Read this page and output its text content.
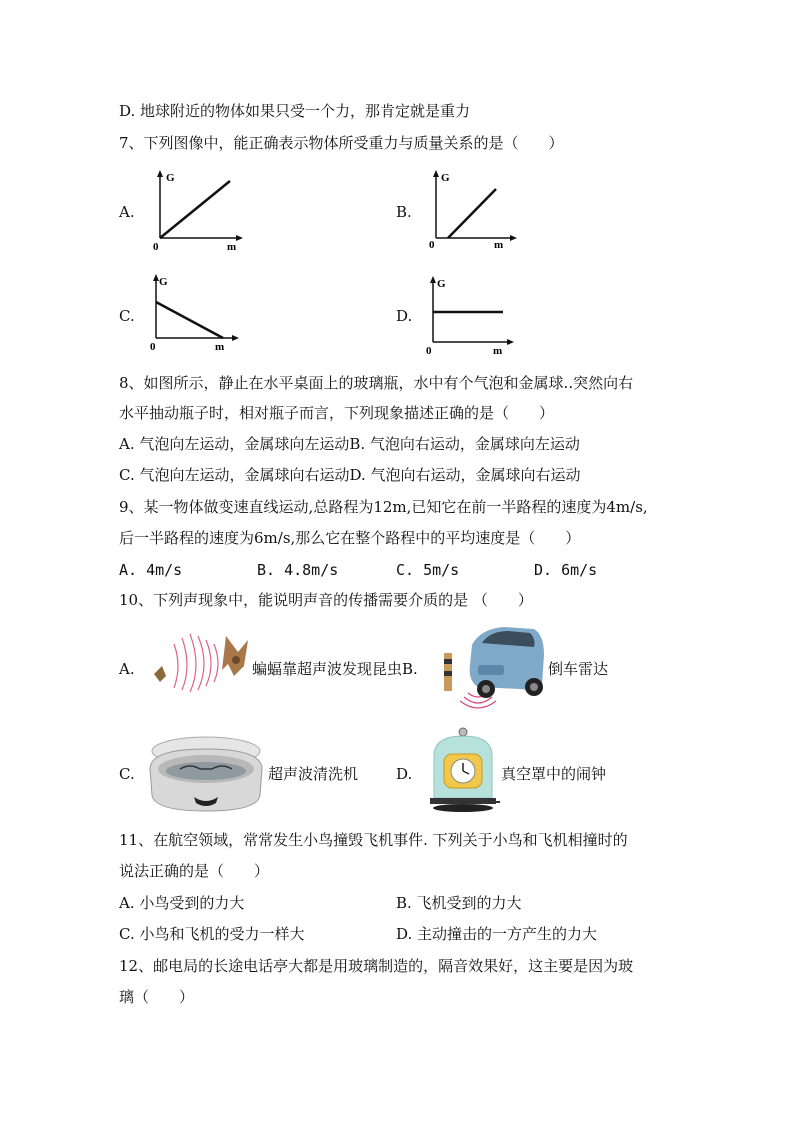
D. 地球附近的物体如果只受一个力，那肯定就是重力
7、下列图像中，能正确表示物体所受重力与质量关系的是（　　）
A.
G
0	m
B.
G
0	m
C.
G
0	m
D.
G
0	m
8、如图所示，静止在水平桌面上的玻璃瓶，水中有个气泡和金属球..突然向右
水平抽动瓶子时，相对瓶子而言，下列现象描述正确的是（　　）
A. 气泡向左运动，金属球向左运动B. 气泡向右运动，金属球向左运动
C. 气泡向左运动，金属球向右运动D. 气泡向右运动，金属球向右运动
9、某一物体做变速直线运动,总路程为12m,已知它在前一半路程的速度为4m/s,
后一半路程的速度为6m/s,那么它在整个路程中的平均速度是（　　）
A. 4m/s	B. 4.8m/s	C. 5m/s	D. 6m/s
10、下列声现象中，能说明声音的传播需要介质的是 （　　）
A.	蝙蝠靠超声波发现昆虫B.	倒车雷达
C.	超声波清洗机	D.	真空罩中的闹钟
11、在航空领域，常常发生小鸟撞毁飞机事件. 下列关于小鸟和飞机相撞时的
说法正确的是（　　）
A. 小鸟受到的力大	B. 飞机受到的力大
C. 小鸟和飞机的受力一样大	D. 主动撞击的一方产生的力大
12、邮电局的长途电话亭大都是用玻璃制造的，隔音效果好，这主要是因为玻
璃（　　）
